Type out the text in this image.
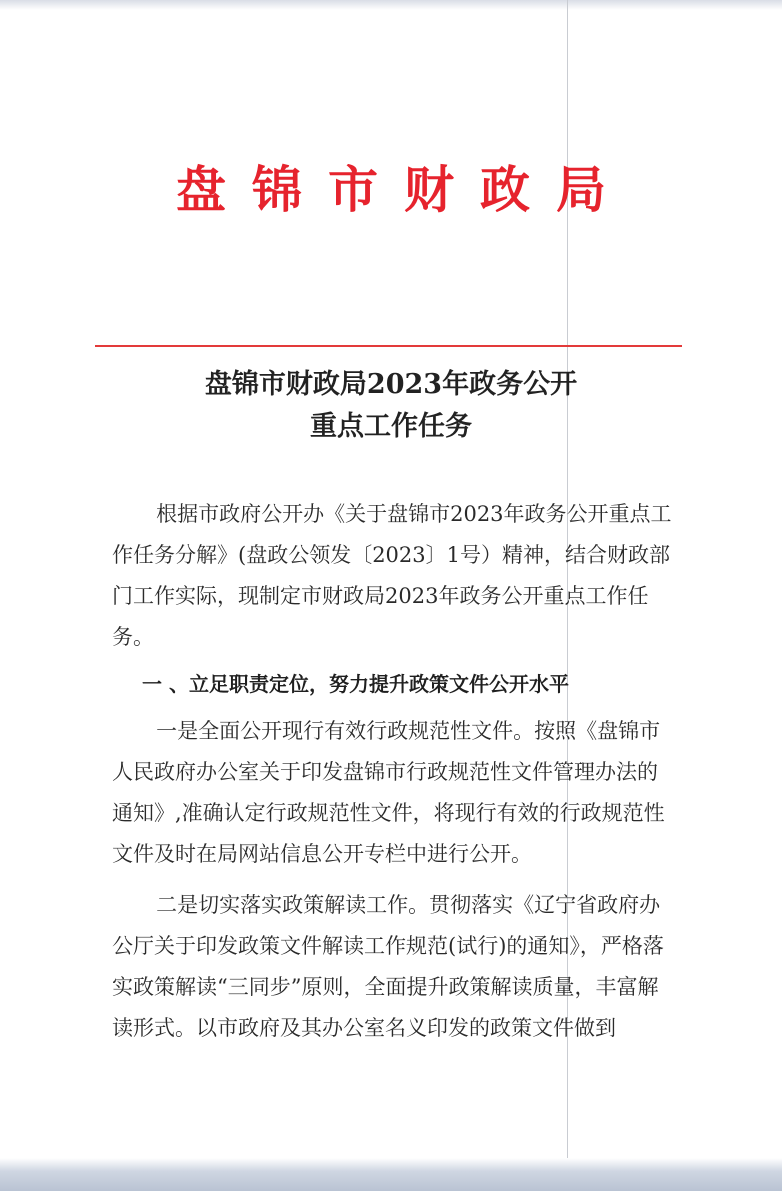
盘锦市财政局
盘锦市财政局2023年政务公开
重点工作任务

根据市政府公开办《关于盘锦市2023年政务公开重点工作任务分解》(盘政公领发〔2023〕1号）精神，结合财政部门工作实际，现制定市财政局2023年政务公开重点工作任务。

一 、立足职责定位，努力提升政策文件公开水平

一是全面公开现行有效行政规范性文件。按照《盘锦市人民政府办公室关于印发盘锦市行政规范性文件管理办法的通知》,准确认定行政规范性文件，将现行有效的行政规范性文件及时在局网站信息公开专栏中进行公开。

二是切实落实政策解读工作。贯彻落实《辽宁省政府办公厅关于印发政策文件解读工作规范(试行)的通知》，严格落实政策解读“三同步”原则，全面提升政策解读质量，丰富解读形式。以市政府及其办公室名义印发的政策文件做到
